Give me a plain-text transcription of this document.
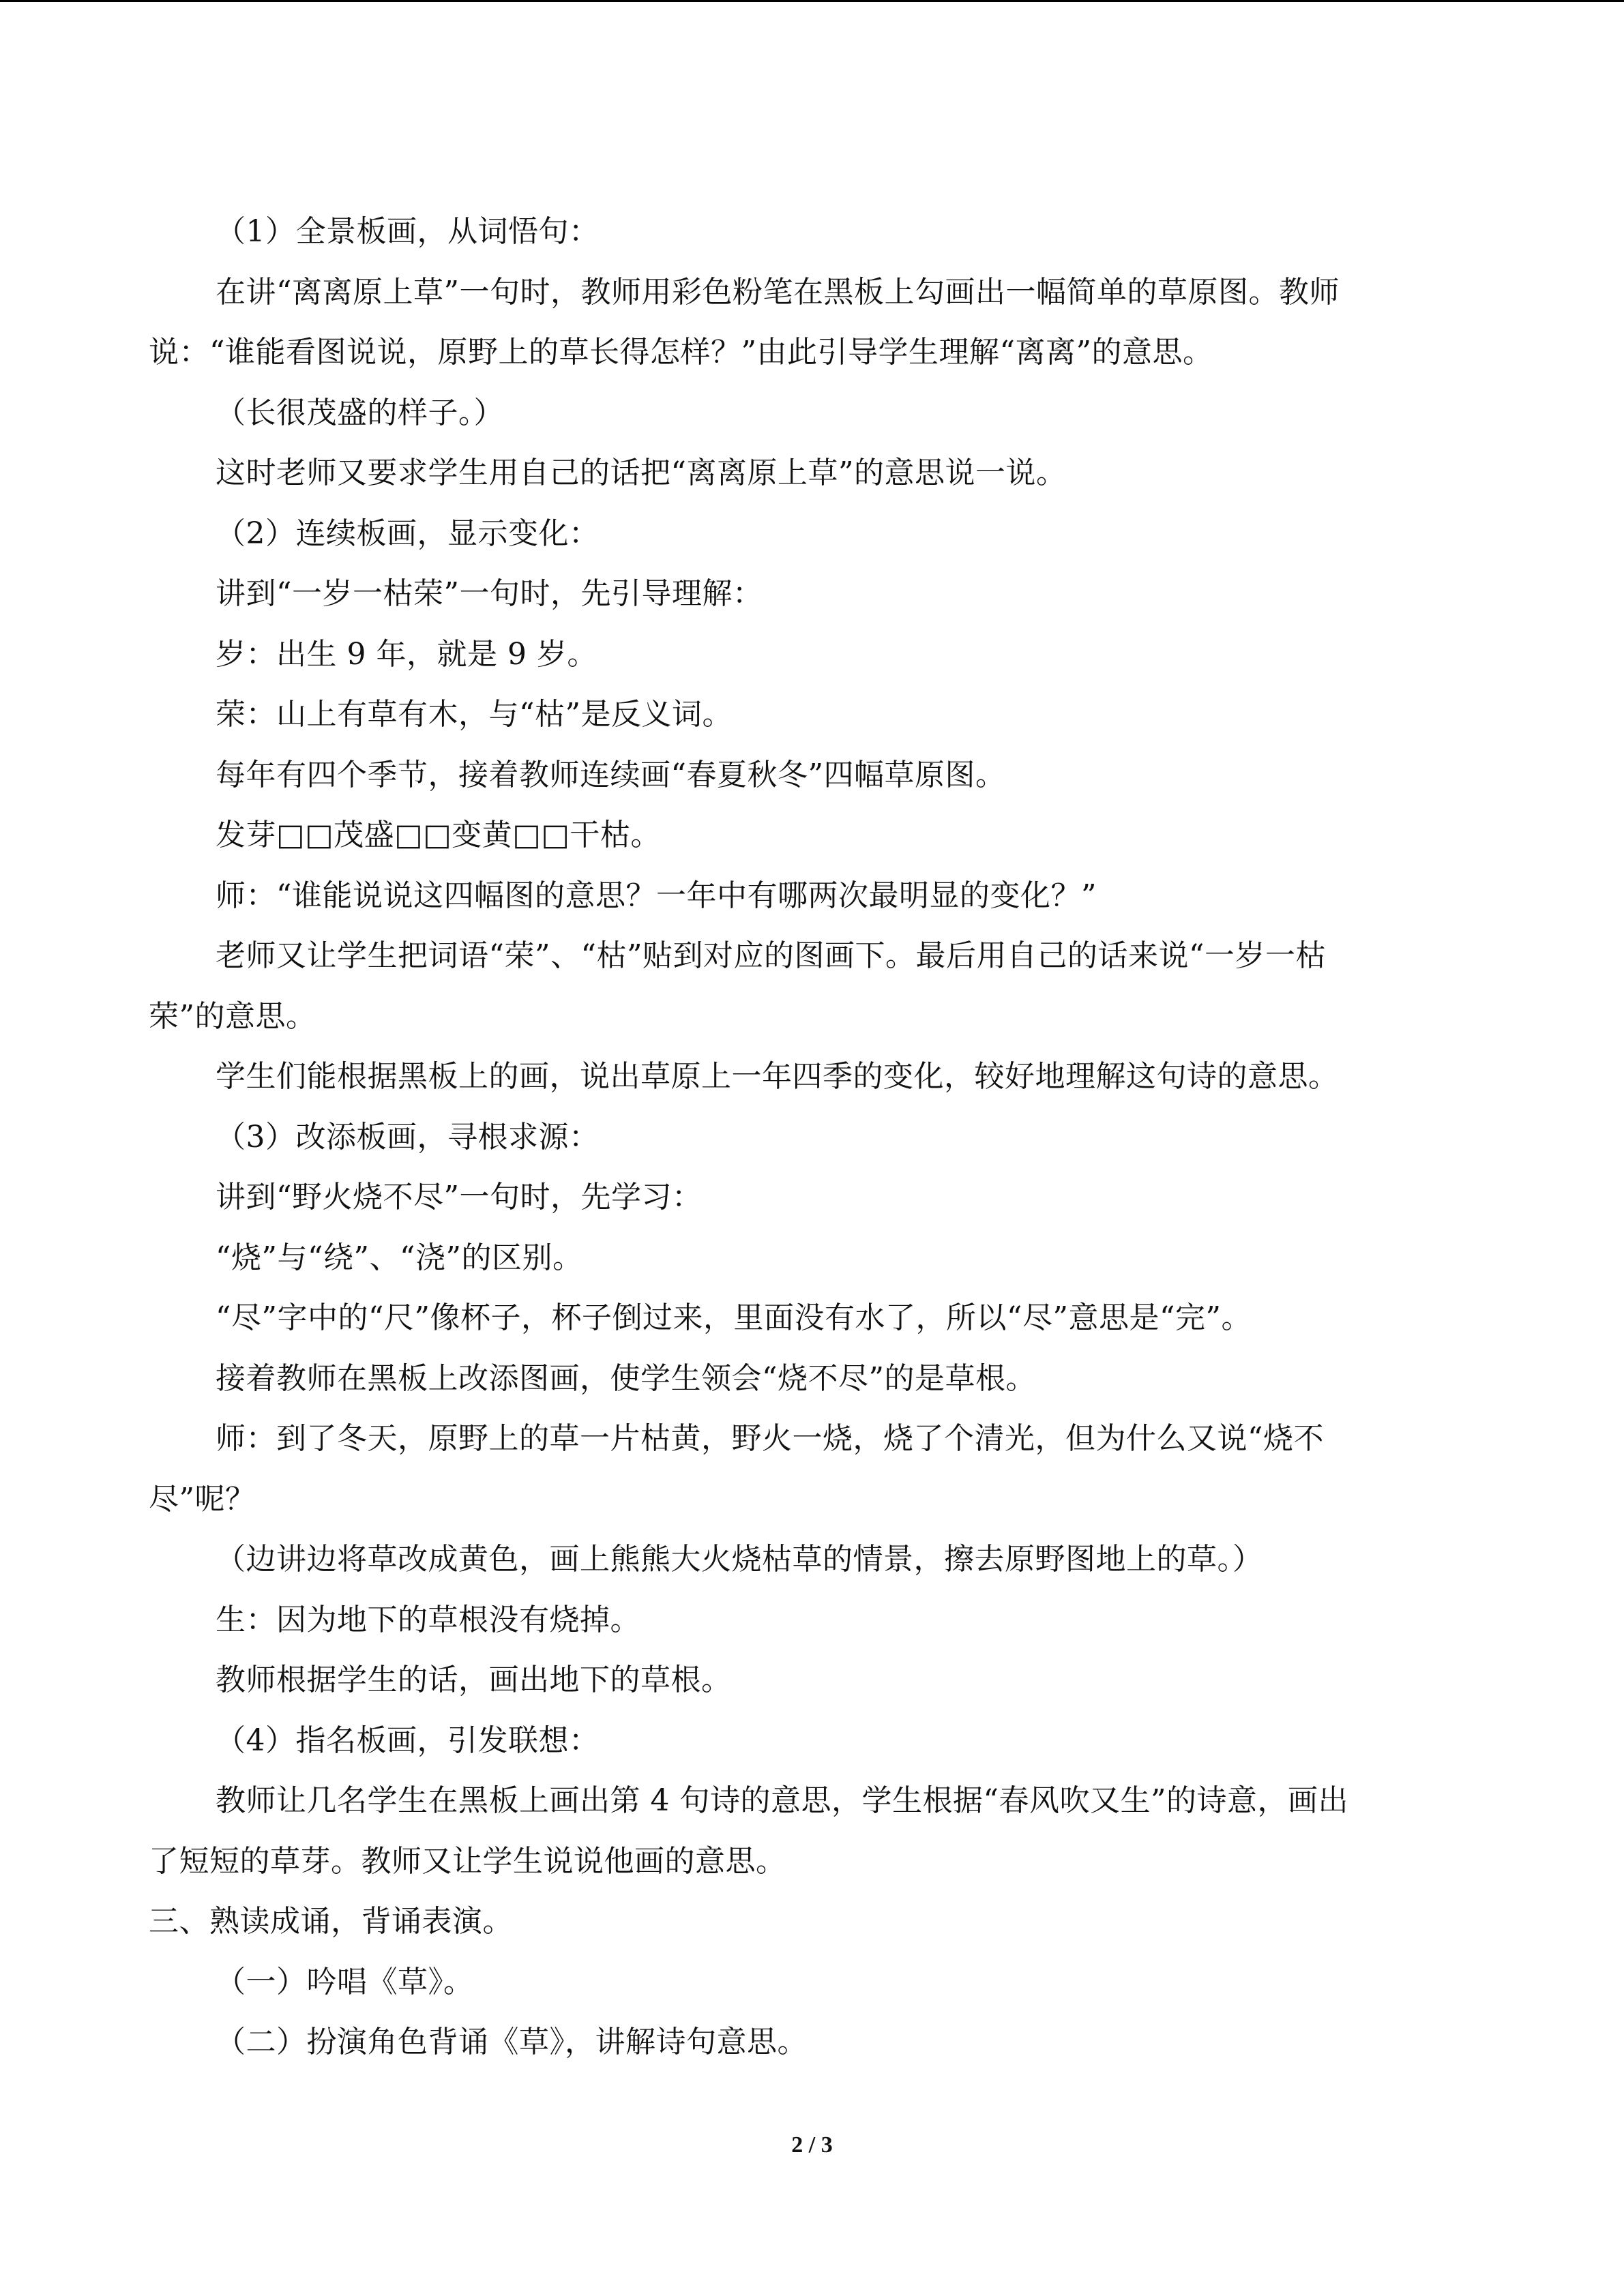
（1）全景板画，从词悟句：
在讲“离离原上草”一句时，教师用彩色粉笔在黑板上勾画出一幅简单的草原图。教师
说：“谁能看图说说，原野上的草长得怎样？”由此引导学生理解“离离”的意思。
（长很茂盛的样子。）
这时老师又要求学生用自己的话把“离离原上草”的意思说一说。
（2）连续板画，显示变化：
讲到“一岁一枯荣”一句时，先引导理解：
岁：出生 9 年，就是 9 岁。
荣：山上有草有木，与“枯”是反义词。
每年有四个季节，接着教师连续画“春夏秋冬”四幅草原图。
发芽□□茂盛□□变黄□□干枯。
师：“谁能说说这四幅图的意思？一年中有哪两次最明显的变化？”
老师又让学生把词语“荣”、“枯”贴到对应的图画下。最后用自己的话来说“一岁一枯
荣”的意思。
学生们能根据黑板上的画，说出草原上一年四季的变化，较好地理解这句诗的意思。
（3）改添板画，寻根求源：
讲到“野火烧不尽”一句时，先学习：
“烧”与“绕”、“浇”的区别。
“尽”字中的“尺”像杯子，杯子倒过来，里面没有水了，所以“尽”意思是“完”。
接着教师在黑板上改添图画，使学生领会“烧不尽”的是草根。
师：到了冬天，原野上的草一片枯黄，野火一烧，烧了个清光，但为什么又说“烧不
尽”呢？
（边讲边将草改成黄色，画上熊熊大火烧枯草的情景，擦去原野图地上的草。）
生：因为地下的草根没有烧掉。
教师根据学生的话，画出地下的草根。
（4）指名板画，引发联想：
教师让几名学生在黑板上画出第 4 句诗的意思，学生根据“春风吹又生”的诗意，画出
了短短的草芽。教师又让学生说说他画的意思。
三、熟读成诵，背诵表演。
（一）吟唱《草》。
（二）扮演角色背诵《草》，讲解诗句意思。
2 / 3
